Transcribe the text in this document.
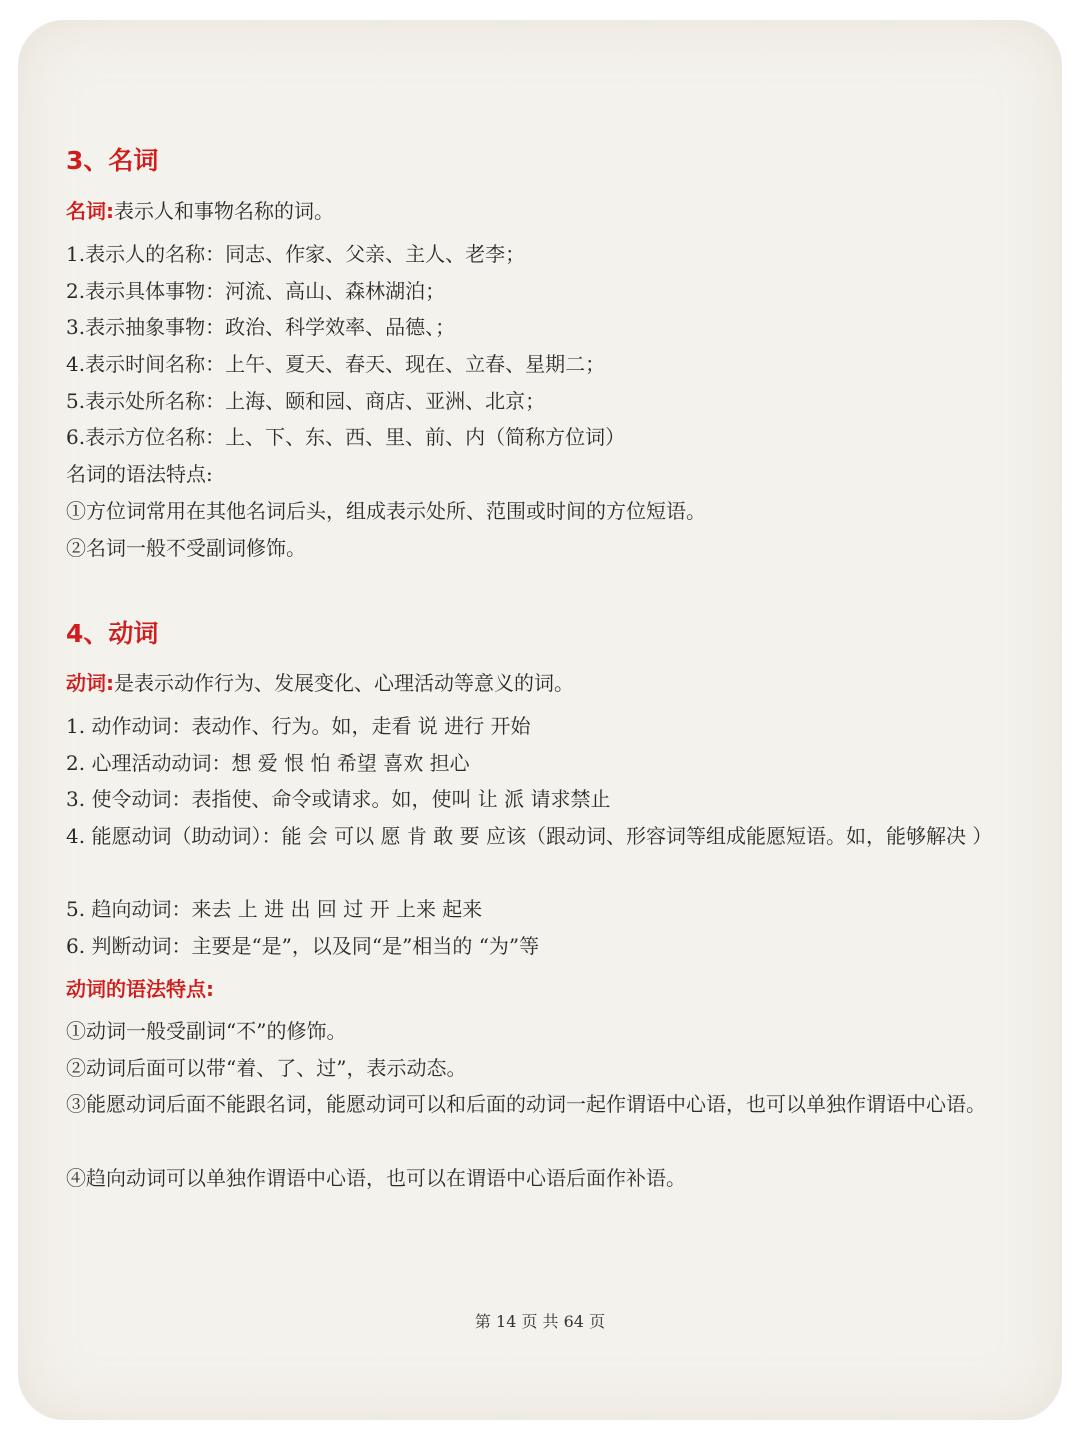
3、名词

名词:表示人和事物名称的词。

1.表示人的名称：同志、作家、父亲、主人、老李；

2.表示具体事物：河流、高山、森林湖泊；

3.表示抽象事物：政治、科学效率、品德、；

4.表示时间名称：上午、夏天、春天、现在、立春、星期二；

5.表示处所名称：上海、颐和园、商店、亚洲、北京；

6.表示方位名称：上、下、东、西、里、前、内（简称方位词）

名词的语法特点:

①方位词常用在其他名词后头，组成表示处所、范围或时间的方位短语。

②名词一般不受副词修饰。

4、动词

动词:是表示动作行为、发展变化、心理活动等意义的词。

1. 动作动词：表动作、行为。如，走看 说 进行 开始

2. 心理活动动词：想 爱 恨 怕 希望 喜欢 担心

3. 使令动词：表指使、命令或请求。如，使叫 让 派 请求禁止

4. 能愿动词（助动词）：能 会 可以 愿 肯 敢 要 应该（跟动词、形容词等组成能愿短语。如，能够解决 ）

5. 趋向动词：来去 上 进 出 回 过 开 上来 起来

6. 判断动词：主要是“是”，以及同“是”相当的 “为”等

动词的语法特点:

①动词一般受副词“不”的修饰。

②动词后面可以带“着、了、过”，表示动态。

③能愿动词后面不能跟名词，能愿动词可以和后面的动词一起作谓语中心语，也可以单独作谓语中心语。

④趋向动词可以单独作谓语中心语，也可以在谓语中心语后面作补语。

第 14 页 共 64 页
